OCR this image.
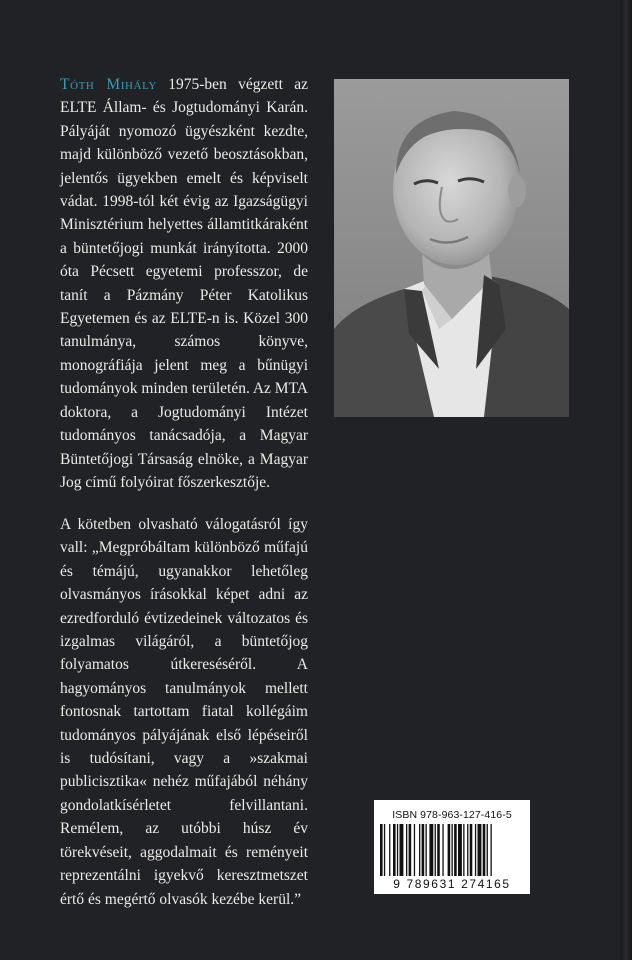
Tóth Mihály 1975-ben végzett az ELTE Állam- és Jogtudományi Karán. Pályáját nyomozó ügyészként kezdte, majd különböző vezető beosztásokban, jelentős ügyekben emelt és képviselt vádat. 1998-tól két évig az Igazságügyi Minisztérium helyettes államtitkáraként a büntetőjogi munkát irányította. 2000 óta Pécsett egyetemi professzor, de tanít a Pázmány Péter Katolikus Egyetemen és az ELTE-n is. Közel 300 tanulmánya, számos könyve, monográfiája jelent meg a bűnügyi tudományok minden területén. Az MTA doktora, a Jogtudományi Intézet tudományos tanácsadója, a Magyar Büntetőjogi Társaság elnöke, a Magyar Jog című folyóirat főszerkesztője.
A kötetben olvasható válogatásról így vall: „Megpróbáltam különböző műfajú és témájú, ugyanakkor lehetőleg olvasmányos írásokkal képet adni az ezredforduló évtizedeinek változatos és izgalmas világáról, a büntetőjog folyamatos útkereséséről. A hagyományos tanulmányok mellett fontosnak tartottam fiatal kollégáim tudományos pályájának első lépéseiről is tudósítani, vagy a »szakmai publicisztika« nehéz műfajából néhány gondolatkísérletet felvillantani. Remélem, az utóbbi húsz év törekvéseit, aggodalmait és reményeit reprezentálni igyekvő keresztmetszet értő és megértő olvasók kezébe kerül.”
ISBN 978-963-127-416-5
9 789631 274165
